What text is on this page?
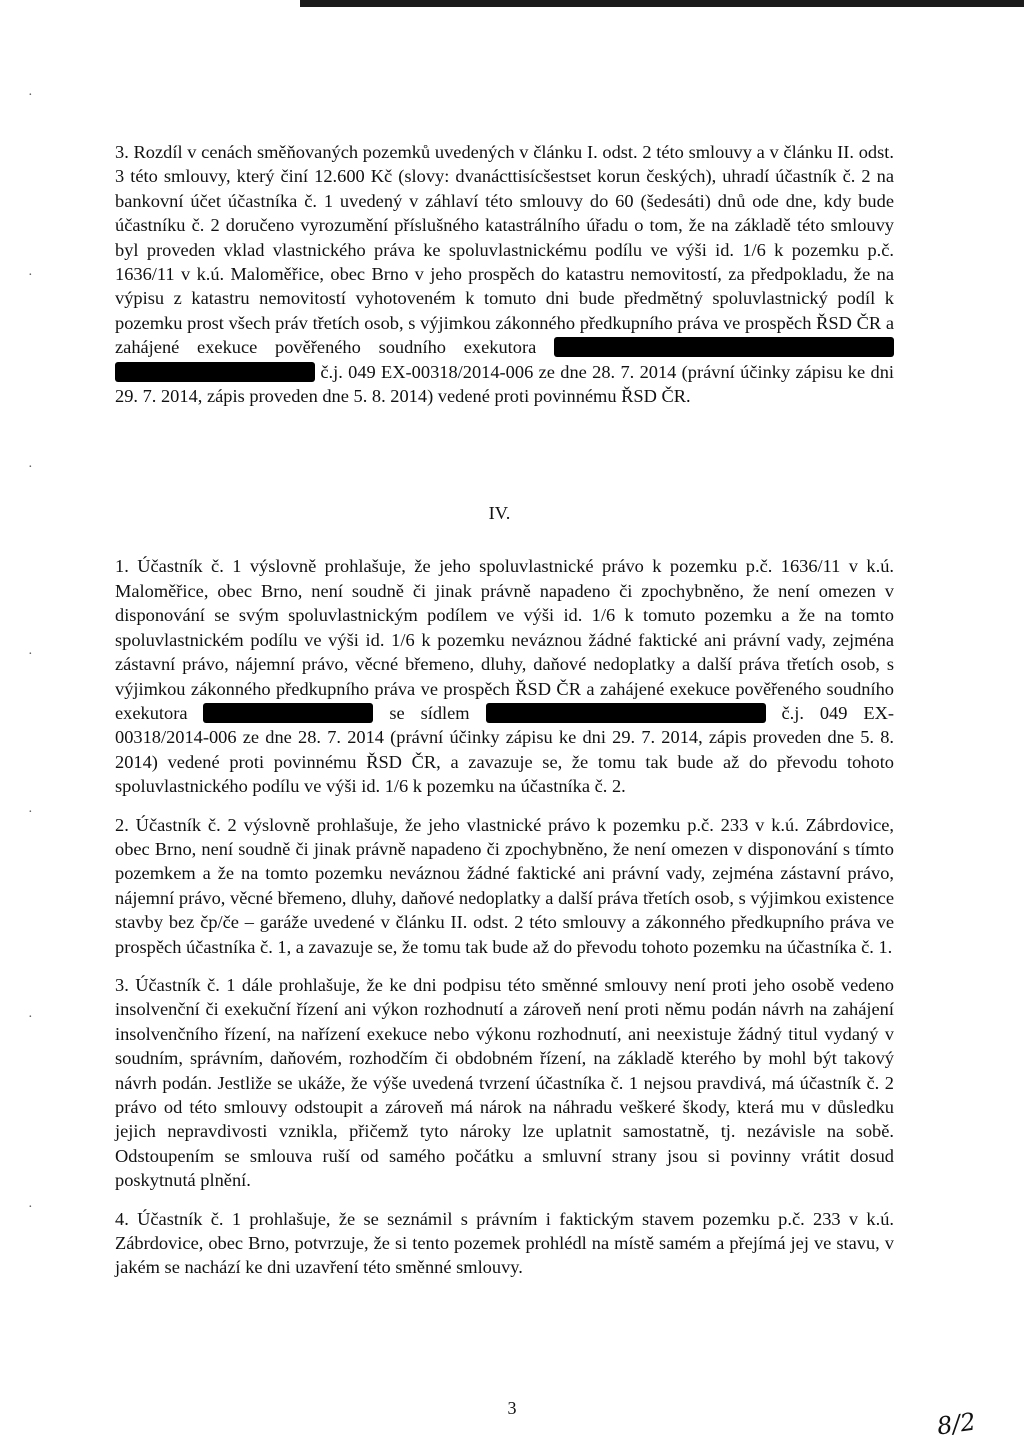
·
·
·
·
·
·
·

3. Rozdíl v cenách směňovaných pozemků uvedených v článku I. odst. 2 této smlouvy a v článku II. odst. 3 této smlouvy, který činí 12.600 Kč (slovy: dvanácttisícšestset korun českých), uhradí účastník č. 2 na bankovní účet účastníka č. 1 uvedený v záhlaví této smlouvy do 60 (šedesáti) dnů ode dne, kdy bude účastníku č. 2 doručeno vyrozumění příslušného katastrálního úřadu o tom, že na základě této smlouvy byl proveden vklad vlastnického práva ke spoluvlastnickému podílu ve výši id. 1/6 k pozemku p.č. 1636/11 v k.ú. Maloměřice, obec Brno v jeho prospěch do katastru nemovitostí, za předpokladu, že na výpisu z katastru nemovitostí vyhotoveném k tomuto dni bude předmětný spoluvlastnický podíl k pozemku prost všech práv třetích osob, s výjimkou zákonného předkupního práva ve prospěch ŘSD ČR a zahájené exekuce pověřeného soudního exekutora  č.j. 049 EX-00318/2014-006 ze dne 28. 7. 2014 (právní účinky zápisu ke dni 29. 7. 2014, zápis proveden dne 5. 8. 2014) vedené proti povinnému ŘSD ČR.

IV.

1. Účastník č. 1 výslovně prohlašuje, že jeho spoluvlastnické právo k pozemku p.č. 1636/11 v k.ú. Maloměřice, obec Brno, není soudně či jinak právně napadeno či zpochybněno, že není omezen v disponování se svým spoluvlastnickým podílem ve výši id. 1/6 k tomuto pozemku a že na tomto spoluvlastnickém podílu ve výši id. 1/6 k pozemku neváznou žádné faktické ani právní vady, zejména zástavní právo, nájemní právo, věcné břemeno, dluhy, daňové nedoplatky a další práva třetích osob, s výjimkou zákonného předkupního práva ve prospěch ŘSD ČR a zahájené exekuce pověřeného soudního exekutora	se sídlem	č.j. 049 EX-00318/2014-006 ze dne 28. 7. 2014 (právní účinky zápisu ke dni 29. 7. 2014, zápis proveden dne 5. 8. 2014) vedené proti povinnému ŘSD ČR, a zavazuje se, že tomu tak bude až do převodu tohoto spoluvlastnického podílu ve výši id. 1/6 k pozemku na účastníka č. 2.

2. Účastník č. 2 výslovně prohlašuje, že jeho vlastnické právo k pozemku p.č. 233 v k.ú. Zábrdovice, obec Brno, není soudně či jinak právně napadeno či zpochybněno, že není omezen v disponování s tímto pozemkem a že na tomto pozemku neváznou žádné faktické ani právní vady, zejména zástavní právo, nájemní právo, věcné břemeno, dluhy, daňové nedoplatky a další práva třetích osob, s výjimkou existence stavby bez čp/če – garáže uvedené v článku II. odst. 2 této smlouvy a zákonného předkupního práva ve prospěch účastníka č. 1, a zavazuje se, že tomu tak bude až do převodu tohoto pozemku na účastníka č. 1.

3. Účastník č. 1 dále prohlašuje, že ke dni podpisu této směnné smlouvy není proti jeho osobě vedeno insolvenční či exekuční řízení ani výkon rozhodnutí a zároveň není proti němu podán návrh na zahájení insolvenčního řízení, na nařízení exekuce nebo výkonu rozhodnutí, ani neexistuje žádný titul vydaný v soudním, správním, daňovém, rozhodčím či obdobném řízení, na základě kterého by mohl být takový návrh podán. Jestliže se ukáže, že výše uvedená tvrzení účastníka č. 1 nejsou pravdivá, má účastník č. 2 právo od této smlouvy odstoupit a zároveň má nárok na náhradu veškeré škody, která mu v důsledku jejich nepravdivosti vznikla, přičemž tyto nároky lze uplatnit samostatně, tj. nezávisle na sobě. Odstoupením se smlouva ruší od samého počátku a smluvní strany jsou si povinny vrátit dosud poskytnutá plnění.

4. Účastník č. 1 prohlašuje, že se seznámil s právním i faktickým stavem pozemku p.č. 233 v k.ú. Zábrdovice, obec Brno, potvrzuje, že si tento pozemek prohlédl na místě samém a přejímá jej ve stavu, v jakém se nachází ke dni uzavření této směnné smlouvy.

3	8/2
